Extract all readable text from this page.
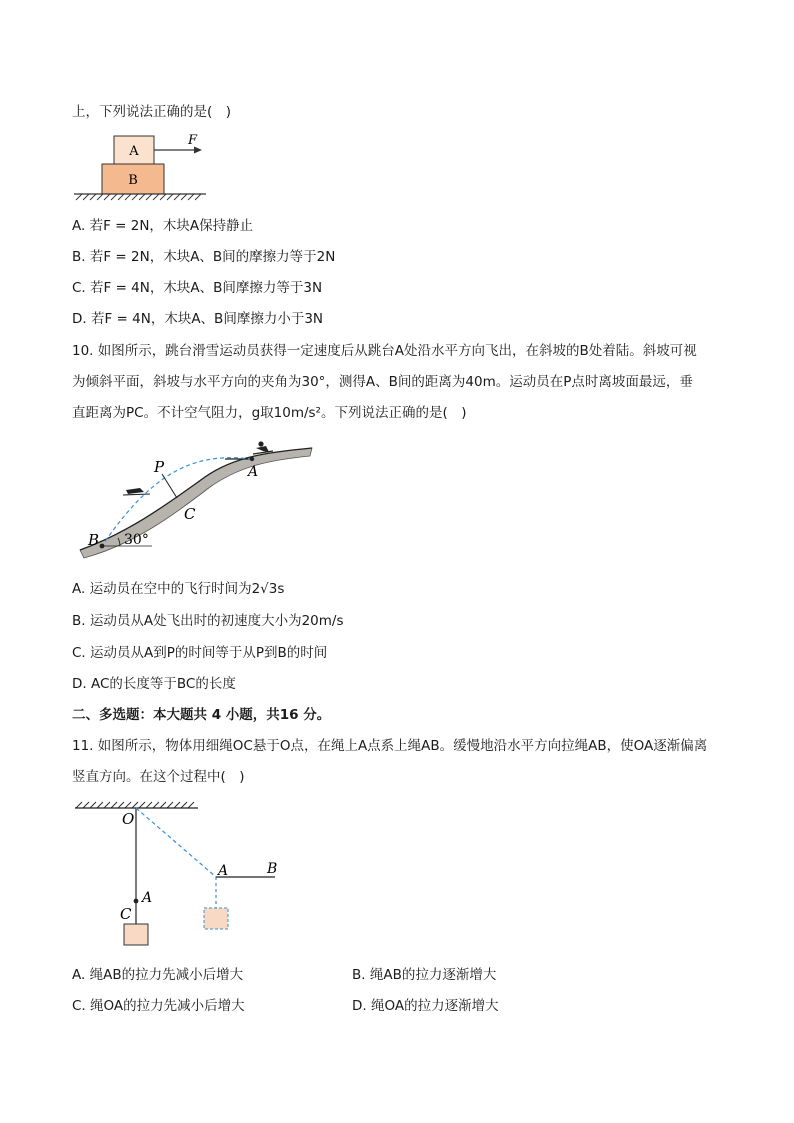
上，下列说法正确的是(　)
A
B
F
A. 若F = 2N，木块A保持静止
B. 若F = 2N，木块A、B间的摩擦力等于2N
C. 若F = 4N，木块A、B间摩擦力等于3N
D. 若F = 4N，木块A、B间摩擦力小于3N
10. 如图所示，跳台滑雪运动员获得一定速度后从跳台A处沿水平方向飞出，在斜坡的B处着陆。斜坡可视
为倾斜平面，斜坡与水平方向的夹角为30°，测得A、B间的距离为40m。运动员在P点时离坡面最远，垂
直距离为PC。不计空气阻力，g取10m/s²。下列说法正确的是(　)
P	A
C
B 30°
A. 运动员在空中的飞行时间为2√3s
B. 运动员从A处飞出时的初速度大小为20m/s
C. 运动员从A到P的时间等于从P到B的时间
D. AC的长度等于BC的长度
二、多选题：本大题共 4 小题，共16 分。
11. 如图所示，物体用细绳OC悬于O点，在绳上A点系上绳AB。缓慢地沿水平方向拉绳AB，使OA逐渐偏离
竖直方向。在这个过程中(　)
O
A
C
A	B
A. 绳AB的拉力先减小后增大	B. 绳AB的拉力逐渐增大
C. 绳OA的拉力先减小后增大	D. 绳OA的拉力逐渐增大
